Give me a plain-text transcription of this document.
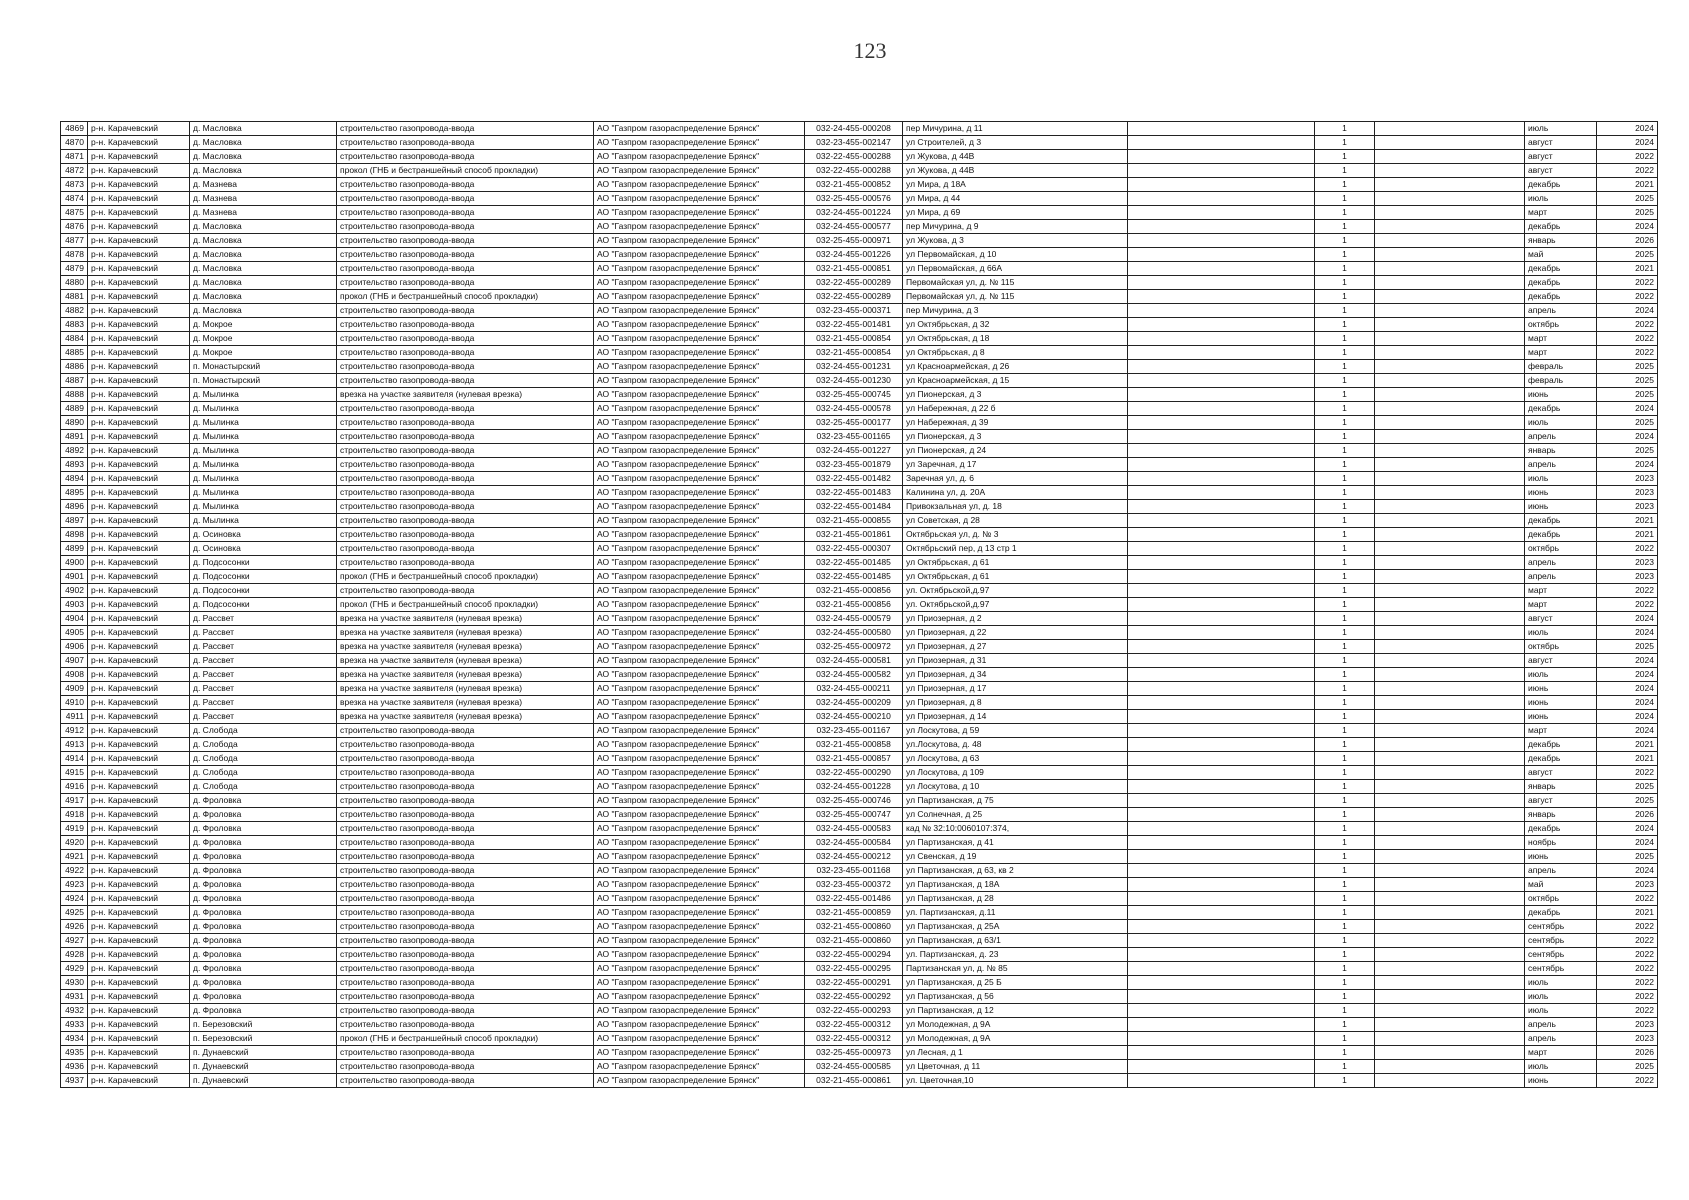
123
4869	р-н. Карачевский	д. Масловка	строительство газопровода-ввода	АО "Газпром газораспределение Брянск"	032-24-455-000208	пер Мичурина, д 11		1		июль	2024
4870	р-н. Карачевский	д. Масловка	строительство газопровода-ввода	АО "Газпром газораспределение Брянск"	032-23-455-002147	ул Строителей, д 3		1		август	2024
4871	р-н. Карачевский	д. Масловка	строительство газопровода-ввода	АО "Газпром газораспределение Брянск"	032-22-455-000288	ул Жукова, д 44В		1		август	2022
4872	р-н. Карачевский	д. Масловка	прокол (ГНБ и бестраншейный способ прокладки)	АО "Газпром газораспределение Брянск"	032-22-455-000288	ул Жукова, д 44В		1		август	2022
4873	р-н. Карачевский	д. Мазнева	строительство газопровода-ввода	АО "Газпром газораспределение Брянск"	032-21-455-000852	ул Мира, д 18А		1		декабрь	2021
4874	р-н. Карачевский	д. Мазнева	строительство газопровода-ввода	АО "Газпром газораспределение Брянск"	032-25-455-000576	ул Мира, д 44		1		июль	2025
4875	р-н. Карачевский	д. Мазнева	строительство газопровода-ввода	АО "Газпром газораспределение Брянск"	032-24-455-001224	ул Мира, д 69		1		март	2025
4876	р-н. Карачевский	д. Масловка	строительство газопровода-ввода	АО "Газпром газораспределение Брянск"	032-24-455-000577	пер Мичурина, д 9		1		декабрь	2024
4877	р-н. Карачевский	д. Масловка	строительство газопровода-ввода	АО "Газпром газораспределение Брянск"	032-25-455-000971	ул Жукова, д 3		1		январь	2026
4878	р-н. Карачевский	д. Масловка	строительство газопровода-ввода	АО "Газпром газораспределение Брянск"	032-24-455-001226	ул Первомайская, д 10		1		май	2025
4879	р-н. Карачевский	д. Масловка	строительство газопровода-ввода	АО "Газпром газораспределение Брянск"	032-21-455-000851	ул Первомайская, д 66А		1		декабрь	2021
4880	р-н. Карачевский	д. Масловка	строительство газопровода-ввода	АО "Газпром газораспределение Брянск"	032-22-455-000289	Первомайская ул, д. № 115		1		декабрь	2022
4881	р-н. Карачевский	д. Масловка	прокол (ГНБ и бестраншейный способ прокладки)	АО "Газпром газораспределение Брянск"	032-22-455-000289	Первомайская ул, д. № 115		1		декабрь	2022
4882	р-н. Карачевский	д. Масловка	строительство газопровода-ввода	АО "Газпром газораспределение Брянск"	032-23-455-000371	пер Мичурина, д 3		1		апрель	2024
4883	р-н. Карачевский	д. Мокрое	строительство газопровода-ввода	АО "Газпром газораспределение Брянск"	032-22-455-001481	ул Октябрьская, д 32		1		октябрь	2022
4884	р-н. Карачевский	д. Мокрое	строительство газопровода-ввода	АО "Газпром газораспределение Брянск"	032-21-455-000854	ул Октябрьская, д 18		1		март	2022
4885	р-н. Карачевский	д. Мокрое	строительство газопровода-ввода	АО "Газпром газораспределение Брянск"	032-21-455-000854	ул Октябрьская, д 8		1		март	2022
4886	р-н. Карачевский	п. Монастырский	строительство газопровода-ввода	АО "Газпром газораспределение Брянск"	032-24-455-001231	ул Красноармейская, д 26		1		февраль	2025
4887	р-н. Карачевский	п. Монастырский	строительство газопровода-ввода	АО "Газпром газораспределение Брянск"	032-24-455-001230	ул Красноармейская, д 15		1		февраль	2025
4888	р-н. Карачевский	д. Мылинка	врезка на участке заявителя (нулевая врезка)	АО "Газпром газораспределение Брянск"	032-25-455-000745	ул Пионерская, д 3		1		июнь	2025
4889	р-н. Карачевский	д. Мылинка	строительство газопровода-ввода	АО "Газпром газораспределение Брянск"	032-24-455-000578	ул Набережная, д 22 б		1		декабрь	2024
4890	р-н. Карачевский	д. Мылинка	строительство газопровода-ввода	АО "Газпром газораспределение Брянск"	032-25-455-000177	ул Набережная, д 39		1		июль	2025
4891	р-н. Карачевский	д. Мылинка	строительство газопровода-ввода	АО "Газпром газораспределение Брянск"	032-23-455-001165	ул Пионерская, д 3		1		апрель	2024
4892	р-н. Карачевский	д. Мылинка	строительство газопровода-ввода	АО "Газпром газораспределение Брянск"	032-24-455-001227	ул Пионерская, д 24		1		январь	2025
4893	р-н. Карачевский	д. Мылинка	строительство газопровода-ввода	АО "Газпром газораспределение Брянск"	032-23-455-001879	ул Заречная, д 17		1		апрель	2024
4894	р-н. Карачевский	д. Мылинка	строительство газопровода-ввода	АО "Газпром газораспределение Брянск"	032-22-455-001482	Заречная ул, д. 6		1		июль	2023
4895	р-н. Карачевский	д. Мылинка	строительство газопровода-ввода	АО "Газпром газораспределение Брянск"	032-22-455-001483	Калинина ул, д. 20А		1		июнь	2023
4896	р-н. Карачевский	д. Мылинка	строительство газопровода-ввода	АО "Газпром газораспределение Брянск"	032-22-455-001484	Привокзальная ул, д. 18		1		июнь	2023
4897	р-н. Карачевский	д. Мылинка	строительство газопровода-ввода	АО "Газпром газораспределение Брянск"	032-21-455-000855	ул Советская, д 28		1		декабрь	2021
4898	р-н. Карачевский	д. Осиновка	строительство газопровода-ввода	АО "Газпром газораспределение Брянск"	032-21-455-001861	Октябрьская ул, д. № 3		1		декабрь	2021
4899	р-н. Карачевский	д. Осиновка	строительство газопровода-ввода	АО "Газпром газораспределение Брянск"	032-22-455-000307	Октябрьский пер, д 13 стр 1		1		октябрь	2022
4900	р-н. Карачевский	д. Подсосонки	строительство газопровода-ввода	АО "Газпром газораспределение Брянск"	032-22-455-001485	ул Октябрьская, д 61		1		апрель	2023
4901	р-н. Карачевский	д. Подсосонки	прокол (ГНБ и бестраншейный способ прокладки)	АО "Газпром газораспределение Брянск"	032-22-455-001485	ул Октябрьская, д 61		1		апрель	2023
4902	р-н. Карачевский	д. Подсосонки	строительство газопровода-ввода	АО "Газпром газораспределение Брянск"	032-21-455-000856	ул. Октябрьской,д.97		1		март	2022
4903	р-н. Карачевский	д. Подсосонки	прокол (ГНБ и бестраншейный способ прокладки)	АО "Газпром газораспределение Брянск"	032-21-455-000856	ул. Октябрьской,д.97		1		март	2022
4904	р-н. Карачевский	д. Рассвет	врезка на участке заявителя (нулевая врезка)	АО "Газпром газораспределение Брянск"	032-24-455-000579	ул Приозерная, д 2		1		август	2024
4905	р-н. Карачевский	д. Рассвет	врезка на участке заявителя (нулевая врезка)	АО "Газпром газораспределение Брянск"	032-24-455-000580	ул Приозерная, д 22		1		июль	2024
4906	р-н. Карачевский	д. Рассвет	врезка на участке заявителя (нулевая врезка)	АО "Газпром газораспределение Брянск"	032-25-455-000972	ул Приозерная, д 27		1		октябрь	2025
4907	р-н. Карачевский	д. Рассвет	врезка на участке заявителя (нулевая врезка)	АО "Газпром газораспределение Брянск"	032-24-455-000581	ул Приозерная, д 31		1		август	2024
4908	р-н. Карачевский	д. Рассвет	врезка на участке заявителя (нулевая врезка)	АО "Газпром газораспределение Брянск"	032-24-455-000582	ул Приозерная, д 34		1		июль	2024
4909	р-н. Карачевский	д. Рассвет	врезка на участке заявителя (нулевая врезка)	АО "Газпром газораспределение Брянск"	032-24-455-000211	ул Приозерная, д 17		1		июнь	2024
4910	р-н. Карачевский	д. Рассвет	врезка на участке заявителя (нулевая врезка)	АО "Газпром газораспределение Брянск"	032-24-455-000209	ул Приозерная, д 8		1		июнь	2024
4911	р-н. Карачевский	д. Рассвет	врезка на участке заявителя (нулевая врезка)	АО "Газпром газораспределение Брянск"	032-24-455-000210	ул Приозерная, д 14		1		июнь	2024
4912	р-н. Карачевский	д. Слобода	строительство газопровода-ввода	АО "Газпром газораспределение Брянск"	032-23-455-001167	ул Лоскутова, д 59		1		март	2024
4913	р-н. Карачевский	д. Слобода	строительство газопровода-ввода	АО "Газпром газораспределение Брянск"	032-21-455-000858	ул.Лоскутова, д. 48		1		декабрь	2021
4914	р-н. Карачевский	д. Слобода	строительство газопровода-ввода	АО "Газпром газораспределение Брянск"	032-21-455-000857	ул Лоскутова, д 63		1		декабрь	2021
4915	р-н. Карачевский	д. Слобода	строительство газопровода-ввода	АО "Газпром газораспределение Брянск"	032-22-455-000290	ул Лоскутова, д 109		1		август	2022
4916	р-н. Карачевский	д. Слобода	строительство газопровода-ввода	АО "Газпром газораспределение Брянск"	032-24-455-001228	ул Лоскутова, д 10		1		январь	2025
4917	р-н. Карачевский	д. Фроловка	строительство газопровода-ввода	АО "Газпром газораспределение Брянск"	032-25-455-000746	ул Партизанская, д 75		1		август	2025
4918	р-н. Карачевский	д. Фроловка	строительство газопровода-ввода	АО "Газпром газораспределение Брянск"	032-25-455-000747	ул Солнечная, д 25		1		январь	2026
4919	р-н. Карачевский	д. Фроловка	строительство газопровода-ввода	АО "Газпром газораспределение Брянск"	032-24-455-000583	кад № 32:10:0060107:374,		1		декабрь	2024
4920	р-н. Карачевский	д. Фроловка	строительство газопровода-ввода	АО "Газпром газораспределение Брянск"	032-24-455-000584	ул Партизанская, д 41		1		ноябрь	2024
4921	р-н. Карачевский	д. Фроловка	строительство газопровода-ввода	АО "Газпром газораспределение Брянск"	032-24-455-000212	ул Свенская, д 19		1		июнь	2025
4922	р-н. Карачевский	д. Фроловка	строительство газопровода-ввода	АО "Газпром газораспределение Брянск"	032-23-455-001168	ул Партизанская, д 63, кв 2		1		апрель	2024
4923	р-н. Карачевский	д. Фроловка	строительство газопровода-ввода	АО "Газпром газораспределение Брянск"	032-23-455-000372	ул Партизанская, д 18А		1		май	2023
4924	р-н. Карачевский	д. Фроловка	строительство газопровода-ввода	АО "Газпром газораспределение Брянск"	032-22-455-001486	ул Партизанская, д 28		1		октябрь	2022
4925	р-н. Карачевский	д. Фроловка	строительство газопровода-ввода	АО "Газпром газораспределение Брянск"	032-21-455-000859	ул. Партизанская, д.11		1		декабрь	2021
4926	р-н. Карачевский	д. Фроловка	строительство газопровода-ввода	АО "Газпром газораспределение Брянск"	032-21-455-000860	ул Партизанская, д 25А		1		сентябрь	2022
4927	р-н. Карачевский	д. Фроловка	строительство газопровода-ввода	АО "Газпром газораспределение Брянск"	032-21-455-000860	ул Партизанская, д 63/1		1		сентябрь	2022
4928	р-н. Карачевский	д. Фроловка	строительство газопровода-ввода	АО "Газпром газораспределение Брянск"	032-22-455-000294	ул. Партизанская, д. 23		1		сентябрь	2022
4929	р-н. Карачевский	д. Фроловка	строительство газопровода-ввода	АО "Газпром газораспределение Брянск"	032-22-455-000295	Партизанская ул, д. № 85		1		сентябрь	2022
4930	р-н. Карачевский	д. Фроловка	строительство газопровода-ввода	АО "Газпром газораспределение Брянск"	032-22-455-000291	ул Партизанская, д 25 Б		1		июль	2022
4931	р-н. Карачевский	д. Фроловка	строительство газопровода-ввода	АО "Газпром газораспределение Брянск"	032-22-455-000292	ул Партизанская, д 56		1		июль	2022
4932	р-н. Карачевский	д. Фроловка	строительство газопровода-ввода	АО "Газпром газораспределение Брянск"	032-22-455-000293	ул Партизанская, д 12		1		июль	2022
4933	р-н. Карачевский	п. Березовский	строительство газопровода-ввода	АО "Газпром газораспределение Брянск"	032-22-455-000312	ул Молодежная, д 9А		1		апрель	2023
4934	р-н. Карачевский	п. Березовский	прокол (ГНБ и бестраншейный способ прокладки)	АО "Газпром газораспределение Брянск"	032-22-455-000312	ул Молодежная, д 9А		1		апрель	2023
4935	р-н. Карачевский	п. Дунаевский	строительство газопровода-ввода	АО "Газпром газораспределение Брянск"	032-25-455-000973	ул Лесная, д 1		1		март	2026
4936	р-н. Карачевский	п. Дунаевский	строительство газопровода-ввода	АО "Газпром газораспределение Брянск"	032-24-455-000585	ул Цветочная, д 11		1		июль	2025
4937	р-н. Карачевский	п. Дунаевский	строительство газопровода-ввода	АО "Газпром газораспределение Брянск"	032-21-455-000861	ул. Цветочная,10		1		июнь	2022
